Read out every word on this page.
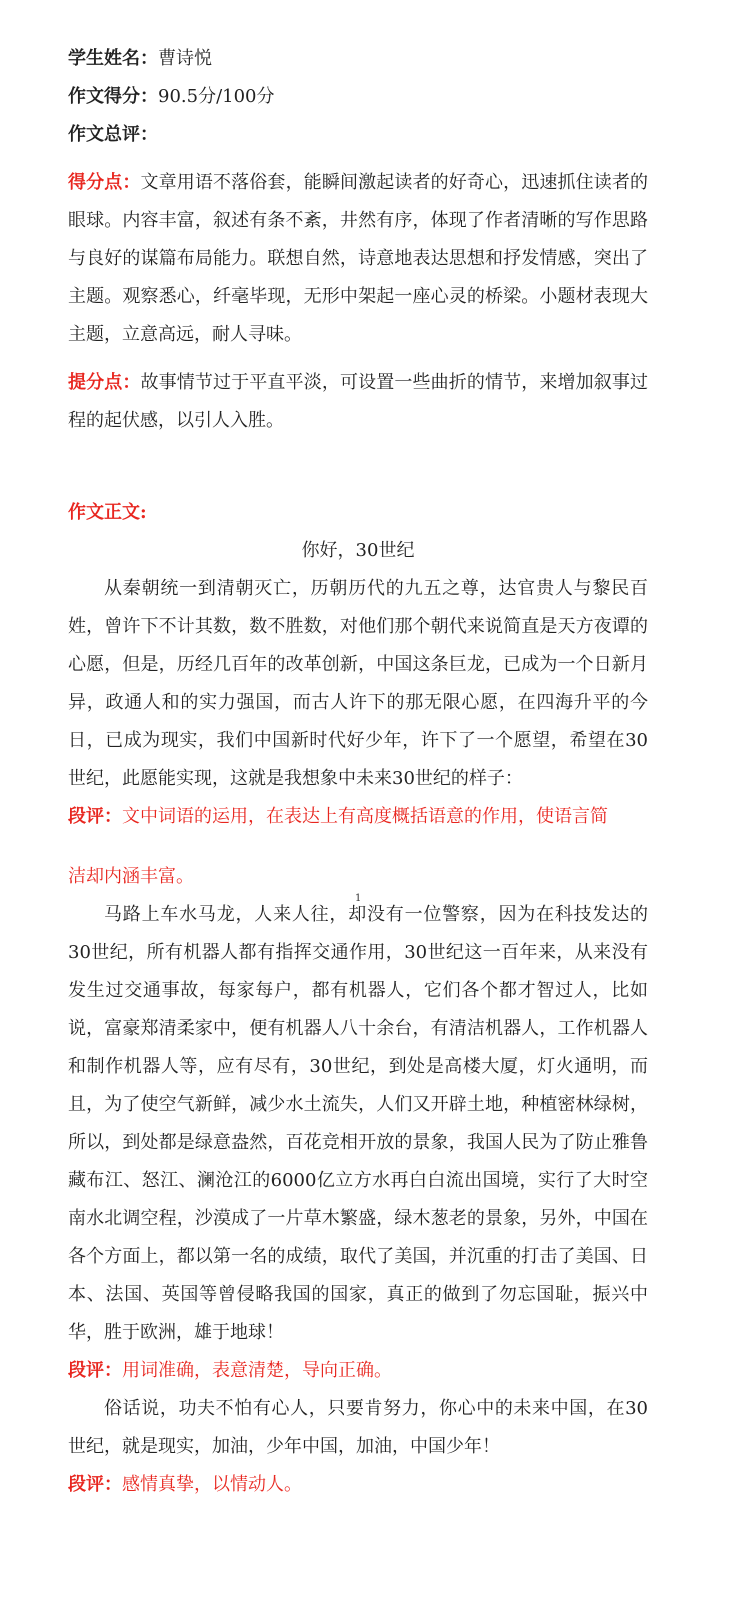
学生姓名：曹诗悦
作文得分：90.5分/100分
作文总评：

得分点：文章用语不落俗套，能瞬间激起读者的好奇心，迅速抓住读者的眼球。内容丰富，叙述有条不紊，井然有序，体现了作者清晰的写作思路与良好的谋篇布局能力。联想自然，诗意地表达思想和抒发情感，突出了主题。观察悉心，纤毫毕现，无形中架起一座心灵的桥梁。小题材表现大主题，立意高远，耐人寻味。

提分点：故事情节过于平直平淡，可设置一些曲折的情节，来增加叙事过程的起伏感，以引人入胜。

作文正文:
你好，30世纪

从秦朝统一到清朝灭亡，历朝历代的九五之尊，达官贵人与黎民百姓，曾许下不计其数，数不胜数，对他们那个朝代来说简直是天方夜谭的心愿，但是，历经几百年的改革创新，中国这条巨龙，已成为一个日新月异，政通人和的实力强国，而古人许下的那无限心愿，在四海升平的今日，已成为现实，我们中国新时代好少年，许下了一个愿望，希望在30世纪，此愿能实现，这就是我想象中未来30世纪的样子：

段评：文中词语的运用，在表达上有高度概括语意的作用，使语言简

洁却内涵丰富。

马路上车水马龙，人来人往，却没有一位警察，因为在科技发达的30世纪，所有机器人都有指挥交通作用，30世纪这一百年来，从来没有发生过交通事故，每家每户，都有机器人，它们各个都才智过人，比如说，富豪郑清柔家中，便有机器人八十余台，有清洁机器人，工作机器人和制作机器人等，应有尽有，30世纪，到处是高楼大厦，灯火通明，而且，为了使空气新鲜，减少水土流失，人们又开辟土地，种植密林绿树，所以，到处都是绿意盎然，百花竞相开放的景象，我国人民为了防止雅鲁藏布江、怒江、澜沧江的6000亿立方水再白白流出国境，实行了大时空南水北调空程，沙漠成了一片草木繁盛，绿木葱老的景象，另外，中国在各个方面上，都以第一名的成绩，取代了美国，并沉重的打击了美国、日本、法国、英国等曾侵略我国的国家，真正的做到了勿忘国耻，振兴中华，胜于欧洲，雄于地球！

段评：用词准确，表意清楚，导向正确。

俗话说，功夫不怕有心人，只要肯努力，你心中的未来中国，在30世纪，就是现实，加油，少年中国，加油，中国少年！

段评：感情真挚，以情动人。

1
